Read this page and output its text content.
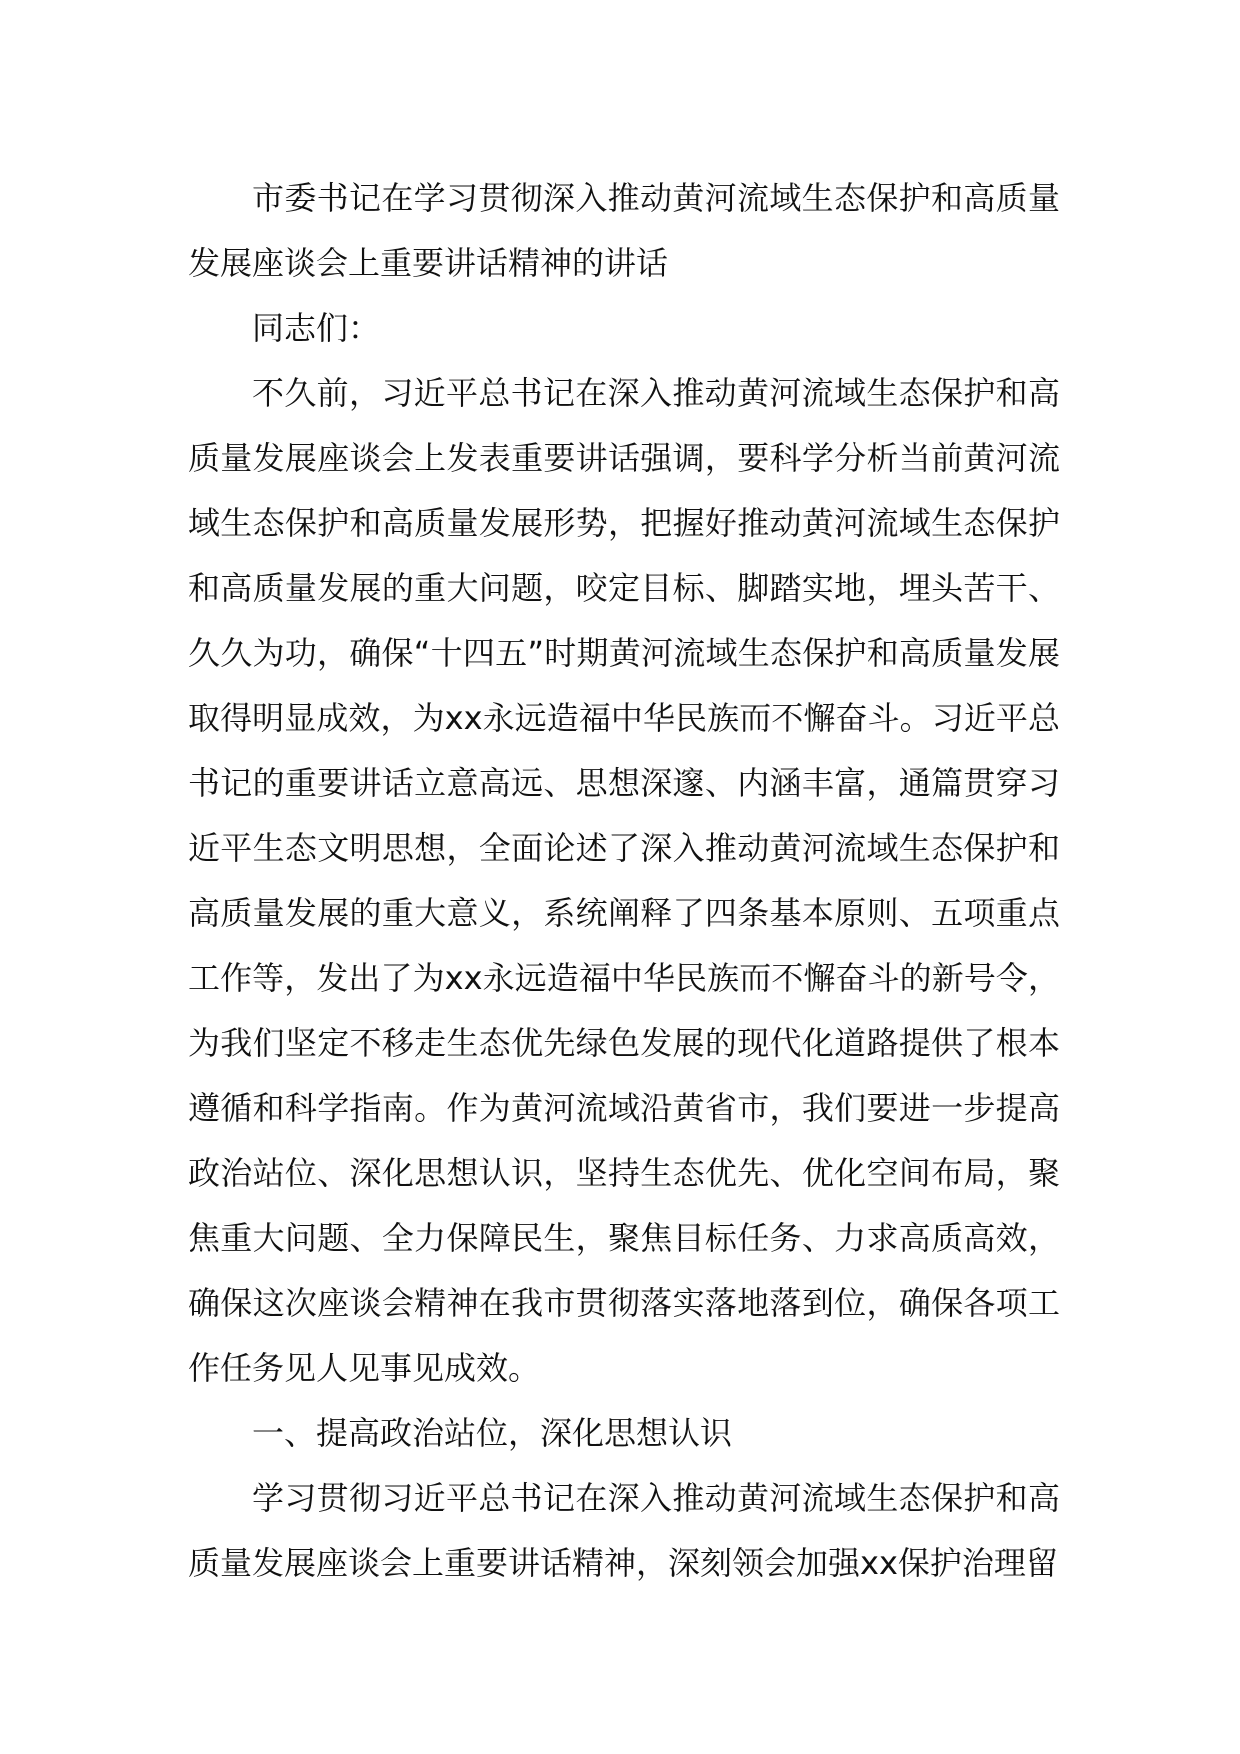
市委书记在学习贯彻深入推动黄河流域生态保护和高质量发展座谈会上重要讲话精神的讲话

同志们：

不久前，习近平总书记在深入推动黄河流域生态保护和高质量发展座谈会上发表重要讲话强调，要科学分析当前黄河流域生态保护和高质量发展形势，把握好推动黄河流域生态保护和高质量发展的重大问题，咬定目标、脚踏实地，埋头苦干、久久为功，确保“十四五”时期黄河流域生态保护和高质量发展取得明显成效，为xx永远造福中华民族而不懈奋斗。习近平总书记的重要讲话立意高远、思想深邃、内涵丰富，通篇贯穿习近平生态文明思想，全面论述了深入推动黄河流域生态保护和高质量发展的重大意义，系统阐释了四条基本原则、五项重点工作等，发出了为xx永远造福中华民族而不懈奋斗的新号令，为我们坚定不移走生态优先绿色发展的现代化道路提供了根本遵循和科学指南。作为黄河流域沿黄省市，我们要进一步提高政治站位、深化思想认识，坚持生态优先、优化空间布局，聚焦重大问题、全力保障民生，聚焦目标任务、力求高质高效，确保这次座谈会精神在我市贯彻落实落地落到位，确保各项工作任务见人见事见成效。

一、提高政治站位，深化思想认识

学习贯彻习近平总书记在深入推动黄河流域生态保护和高质量发展座谈会上重要讲话精神，深刻领会加强xx保护治理留
